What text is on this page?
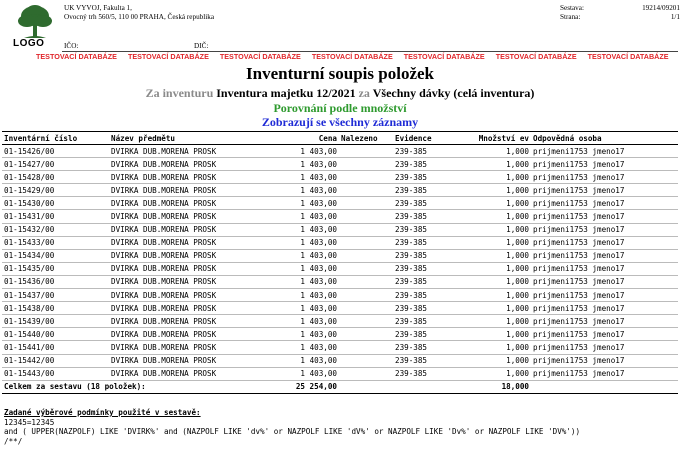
LOGO
UK VYVOJ, Fakulta 1,
Ovocný trh 560/5, 110 00 PRAHA, Česká republika
Sestava:	19214/09201
Strana:	1/1
IČO:	DIČ:
TESTOVACÍ DATABÁZE TESTOVACÍ DATABÁZE TESTOVACÍ DATABÁZE TESTOVACÍ DATABÁZE TESTOVACÍ DATABÁZE TESTOVACÍ DATABÁZE TESTOVACÍ DATABÁZE
Inventurní soupis položek
Za inventuru Inventura majetku 12/2021 za Všechny dávky (celá inventura)
Porovnání podle množství
Zobrazují se všechny záznamy
Inventární číslo	Název předmětu	Cena	Nalezeno	Evidence	Množství ev	Odpovědná osoba
01-15426/00	DVIRKA DUB.MORENA PROSK	1 403,00		239-385	1,000	prijmeni1753 jmeno17
01-15427/00	DVIRKA DUB.MORENA PROSK	1 403,00		239-385	1,000	prijmeni1753 jmeno17
01-15428/00	DVIRKA DUB.MORENA PROSK	1 403,00		239-385	1,000	prijmeni1753 jmeno17
01-15429/00	DVIRKA DUB.MORENA PROSK	1 403,00		239-385	1,000	prijmeni1753 jmeno17
01-15430/00	DVIRKA DUB.MORENA PROSK	1 403,00		239-385	1,000	prijmeni1753 jmeno17
01-15431/00	DVIRKA DUB.MORENA PROSK	1 403,00		239-385	1,000	prijmeni1753 jmeno17
01-15432/00	DVIRKA DUB.MORENA PROSK	1 403,00		239-385	1,000	prijmeni1753 jmeno17
01-15433/00	DVIRKA DUB.MORENA PROSK	1 403,00		239-385	1,000	prijmeni1753 jmeno17
01-15434/00	DVIRKA DUB.MORENA PROSK	1 403,00		239-385	1,000	prijmeni1753 jmeno17
01-15435/00	DVIRKA DUB.MORENA PROSK	1 403,00		239-385	1,000	prijmeni1753 jmeno17
01-15436/00	DVIRKA DUB.MORENA PROSK	1 403,00		239-385	1,000	prijmeni1753 jmeno17
01-15437/00	DVIRKA DUB.MORENA PROSK	1 403,00		239-385	1,000	prijmeni1753 jmeno17
01-15438/00	DVIRKA DUB.MORENA PROSK	1 403,00		239-385	1,000	prijmeni1753 jmeno17
01-15439/00	DVIRKA DUB.MORENA PROSK	1 403,00		239-385	1,000	prijmeni1753 jmeno17
01-15440/00	DVIRKA DUB.MORENA PROSK	1 403,00		239-385	1,000	prijmeni1753 jmeno17
01-15441/00	DVIRKA DUB.MORENA PROSK	1 403,00		239-385	1,000	prijmeni1753 jmeno17
01-15442/00	DVIRKA DUB.MORENA PROSK	1 403,00		239-385	1,000	prijmeni1753 jmeno17
01-15443/00	DVIRKA DUB.MORENA PROSK	1 403,00		239-385	1,000	prijmeni1753 jmeno17
Celkem za sestavu (18 položek):		25 254,00			18,000	
Zadané výběrové podmínky použité v sestavě:
12345=12345
and ( UPPER(NAZPOLF) LIKE 'DVIRK%' and (NAZPOLF LIKE 'dv%' or NAZPOLF LIKE 'dV%' or NAZPOLF LIKE 'Dv%' or NAZPOLF LIKE 'DV%'))
/**/
